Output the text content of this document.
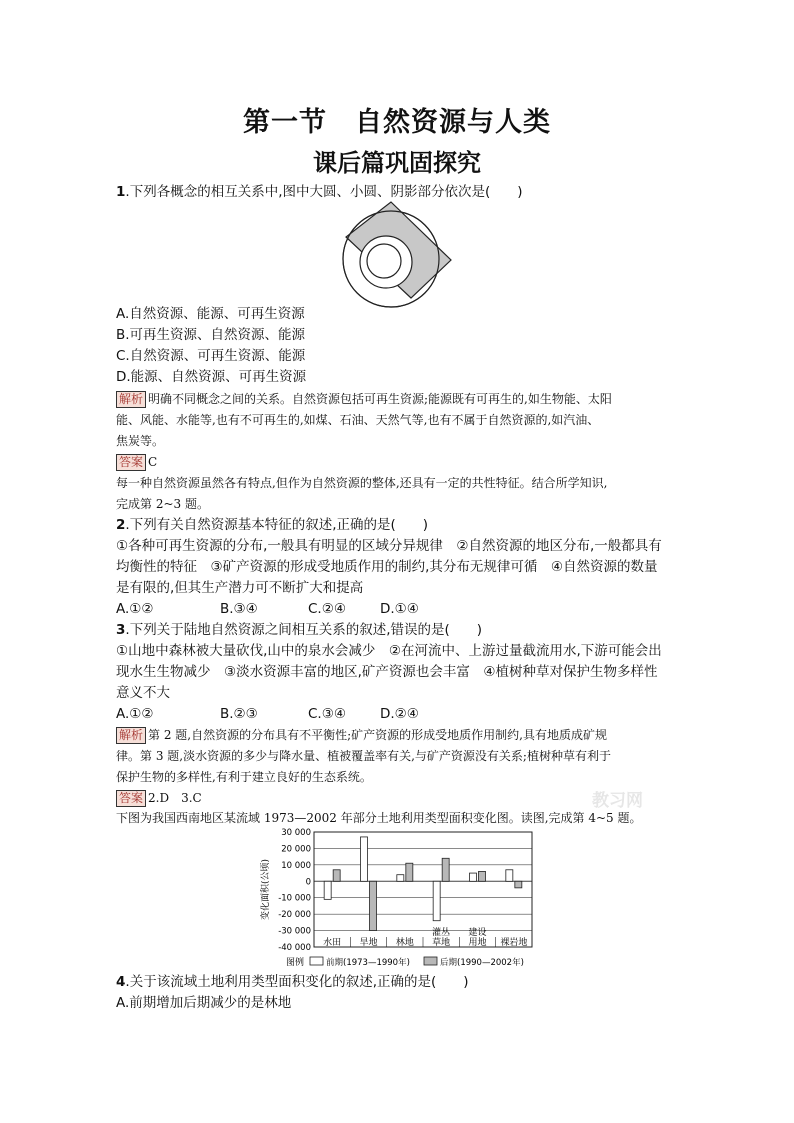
第一节　自然资源与人类
课后篇巩固探究
1.下列各概念的相互关系中,图中大圆、小圆、阴影部分依次是(　　)
A.自然资源、能源、可再生资源
B.可再生资源、自然资源、能源
C.自然资源、可再生资源、能源
D.能源、自然资源、可再生资源
解析 明确不同概念之间的关系。自然资源包括可再生资源;能源既有可再生的,如生物能、太阳
能、风能、水能等,也有不可再生的,如煤、石油、天然气等,也有不属于自然资源的,如汽油、
焦炭等。
答案 C
每一种自然资源虽然各有特点,但作为自然资源的整体,还具有一定的共性特征。结合所学知识,
完成第 2~3 题。
2.下列有关自然资源基本特征的叙述,正确的是(　　)
①各种可再生资源的分布,一般具有明显的区域分异规律　②自然资源的地区分布,一般都具有
均衡性的特征　③矿产资源的形成受地质作用的制约,其分布无规律可循　④自然资源的数量
是有限的,但其生产潜力可不断扩大和提高
A.①②	B.③④	C.②④	D.①④
3.下列关于陆地自然资源之间相互关系的叙述,错误的是(　　)
①山地中森林被大量砍伐,山中的泉水会减少　②在河流中、上游过量截流用水,下游可能会出
现水生生物减少　③淡水资源丰富的地区,矿产资源也会丰富　④植树种草对保护生物多样性
意义不大
A.①②	B.②③	C.③④	D.②④
解析 第 2 题,自然资源的分布具有不平衡性;矿产资源的形成受地质作用制约,具有地质成矿规
律。第 3 题,淡水资源的多少与降水量、植被覆盖率有关,与矿产资源没有关系;植树种草有利于
保护生物的多样性,有利于建立良好的生态系统。
答案 2.D　3.C	教习网
下图为我国西南地区某流域 1973—2002 年部分土地利用类型面积变化图。读图,完成第 4~5 题。
30 000
20 000
10 000
0
-10 000
-20 000
-30 000
-40 000
变化面积(公顷)
水田 旱地 林地
灌丛
草地
建设
用地 裸岩地
图例	前期(1973—1990年)	后期(1990—2002年)
4.关于该流域土地利用类型面积变化的叙述,正确的是(　　)
A.前期增加后期减少的是林地
